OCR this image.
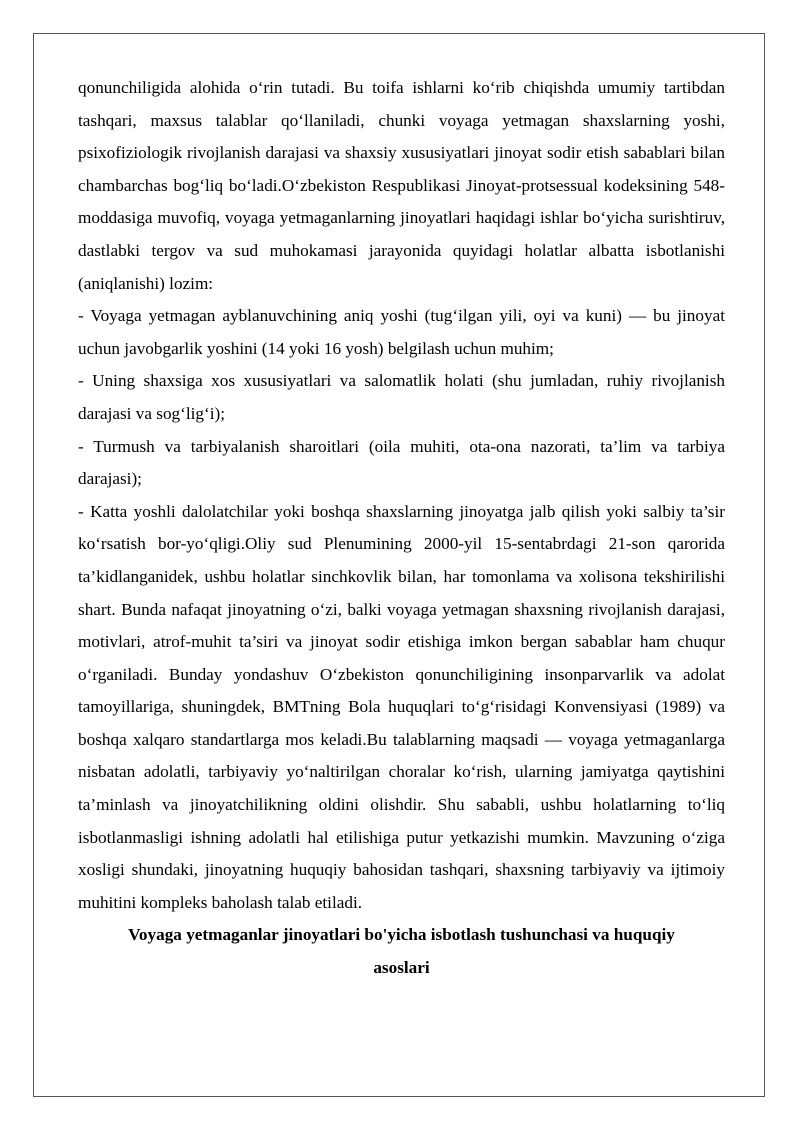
qonunchiligida alohida o‘rin tutadi. Bu toifa ishlarni ko‘rib chiqishda umumiy tartibdan tashqari, maxsus talablar qo‘llaniladi, chunki voyaga yetmagan shaxslarning yoshi, psixofiziologik rivojlanish darajasi va shaxsiy xususiyatlari jinoyat sodir etish sabablari bilan chambarchas bog‘liq bo‘ladi.O‘zbekiston Respublikasi Jinoyat-protsessual kodeksining 548-moddasiga muvofiq, voyaga yetmaganlarning jinoyatlari haqidagi ishlar bo‘yicha surishtiruv, dastlabki tergov va sud muhokamasi jarayonida quyidagi holatlar albatta isbotlanishi (aniqlanishi) lozim:

- Voyaga yetmagan ayblanuvchining aniq yoshi (tug‘ilgan yili, oyi va kuni) — bu jinoyat uchun javobgarlik yoshini (14 yoki 16 yosh) belgilash uchun muhim;

- Uning shaxsiga xos xususiyatlari va salomatlik holati (shu jumladan, ruhiy rivojlanish darajasi va sog‘lig‘i);

- Turmush va tarbiyalanish sharoitlari (oila muhiti, ota-ona nazorati, ta’lim va tarbiya darajasi);

- Katta yoshli dalolatchilar yoki boshqa shaxslarning jinoyatga jalb qilish yoki salbiy ta’sir ko‘rsatish bor-yo‘qligi.Oliy sud Plenumining 2000-yil 15-sentabrdagi 21-son qarorida ta’kidlanganidek, ushbu holatlar sinchkovlik bilan, har tomonlama va xolisona tekshirilishi shart. Bunda nafaqat jinoyatning o‘zi, balki voyaga yetmagan shaxsning rivojlanish darajasi, motivlari, atrof-muhit ta’siri va jinoyat sodir etishiga imkon bergan sabablar ham chuqur o‘rganiladi. Bunday yondashuv O‘zbekiston qonunchiligining insonparvarlik va adolat tamoyillariga, shuningdek, BMTning Bola huquqlari to‘g‘risidagi Konvensiyasi (1989) va boshqa xalqaro standartlarga mos keladi.Bu talablarning maqsadi — voyaga yetmaganlarga nisbatan adolatli, tarbiyaviy yo‘naltirilgan choralar ko‘rish, ularning jamiyatga qaytishini ta’minlash va jinoyatchilikning oldini olishdir. Shu sababli, ushbu holatlarning to‘liq isbotlanmasligi ishning adolatli hal etilishiga putur yetkazishi mumkin. Mavzuning o‘ziga xosligi shundaki, jinoyatning huquqiy bahosidan tashqari, shaxsning tarbiyaviy va ijtimoiy muhitini kompleks baholash talab etiladi.

Voyaga yetmaganlar jinoyatlari bo'yicha isbotlash tushunchasi va huquqiy asoslari
